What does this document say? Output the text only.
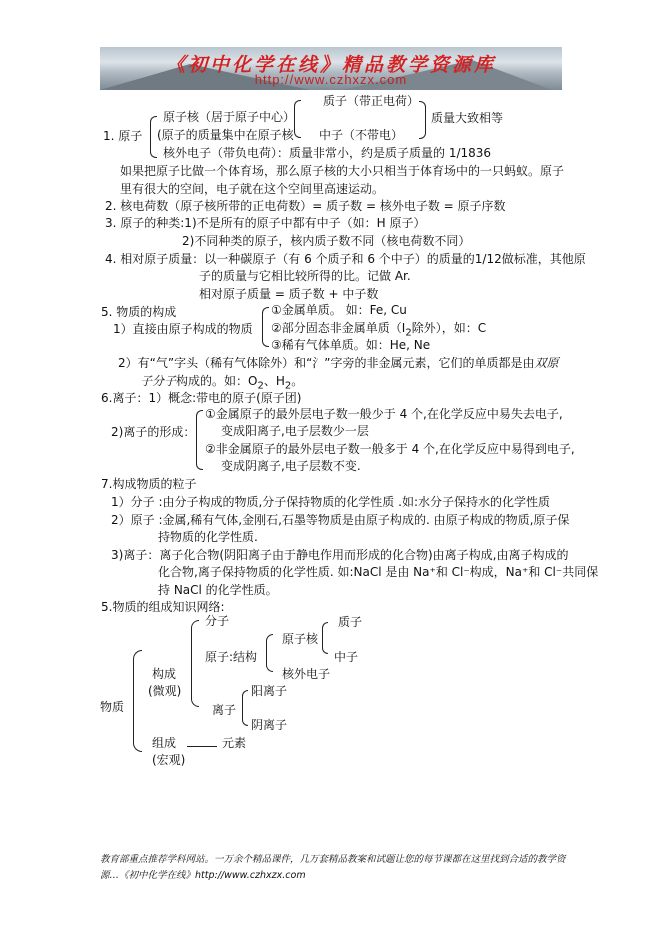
《初中化学在线》精品教学资源库
http://www.czhxzx.com
1. 原子
原子核（居于原子中心）
(原子的质量集中在原子核
质子（带正电荷）
中子（不带电）
质量大致相等
核外电子（带负电荷）：质量非常小，约是质子质量的 1/1836
如果把原子比做一个体育场，那么原子核的大小只相当于体育场中的一只蚂蚁。原子
里有很大的空间，电子就在这个空间里高速运动。
2. 核电荷数（原子核所带的正电荷数）= 质子数 = 核外电子数 = 原子序数
3. 原子的种类:1)不是所有的原子中都有中子（如：H 原子）
2)不同种类的原子，核内质子数不同（核电荷数不同）
4. 相对原子质量：以一种碳原子（有 6 个质子和 6 个中子）的质量的1/12做标准，其他原
子的质量与它相比较所得的比。记做 Ar.
相对原子质量 = 质子数 + 中子数
5. 物质的构成
1）直接由原子构成的物质
①金属单质。 如：Fe, Cu
②部分固态非金属单质（$I_2$除外），如：C
③稀有气体单质。如：He, Ne
2）有“气”字头（稀有气体除外）和“氵”字旁的非金属元素，它们的单质都是由双原
子分子构成的。如：$O_2$、$H_2$。
6.离子：1）概念:带电的原子(原子团)
2)离子的形成：
①金属原子的最外层电子数一般少于 4 个,在化学反应中易失去电子,
变成阳离子,电子层数少一层
②非金属原子的最外层电子数一般多于 4 个,在化学反应中易得到电子,
变成阴离子,电子层数不变.
7.构成物质的粒子
1）分子 :由分子构成的物质,分子保持物质的化学性质 .如:水分子保持水的化学性质
2）原子 :金属,稀有气体,金刚石,石墨等物质是由原子构成的. 由原子构成的物质,原子保
持物质的化学性质.
3)离子：离子化合物(阴阳离子由于静电作用而形成的化合物)由离子构成,由离子构成的
化合物,离子保持物质的化学性质. 如:NaCl 是由 Na⁺和 Cl⁻构成，Na⁺和 Cl⁻共同保
持 NaCl 的化学性质。
5.物质的组成知识网络:
物质
构成
(微观)
分子
原子:结构
原子核
质子
中子
核外电子
离子
阳离子
阴离子
组成	元素
(宏观)
教育部重点推荐学科网站。一万余个精品课件，几万套精品教案和试题让您的每节课都在这里找到合适的教学资源…《初中化学在线》http://www.czhxzx.com
